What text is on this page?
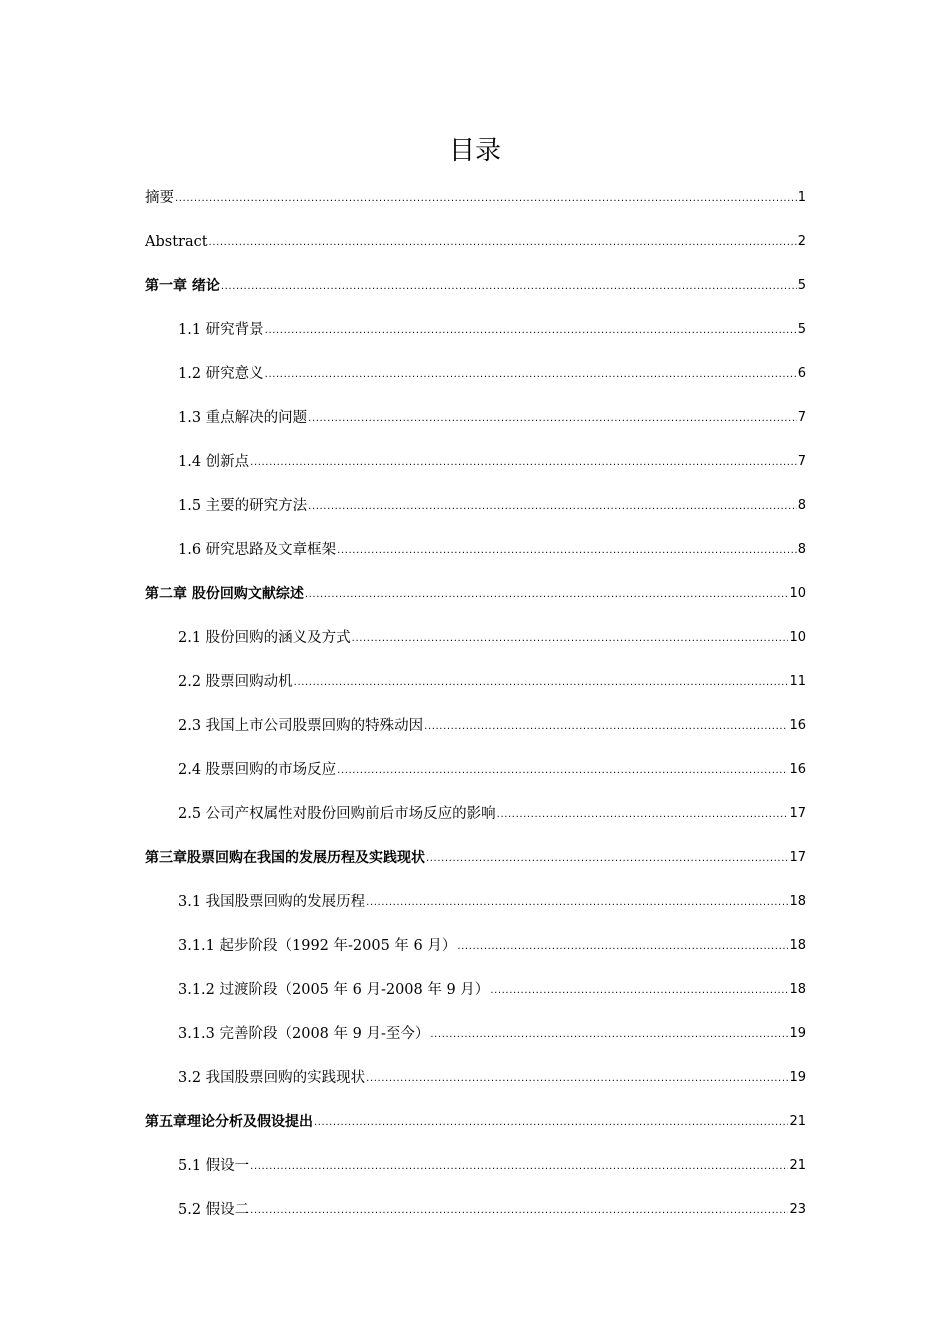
目录
摘要 .....	1
Abstract .....	2
第一章 绪论 .....	5
1.1 研究背景 .....	5
1.2 研究意义 .....	6
1.3 重点解决的问题 .....	7
1.4 创新点 .....	7
1.5 主要的研究方法 .....	8
1.6 研究思路及文章框架 .....	8
第二章 股份回购文献综述 .....	10
2.1 股份回购的涵义及方式 .....	10
2.2 股票回购动机 .....	11
2.3 我国上市公司股票回购的特殊动因 .....	16
2.4 股票回购的市场反应 .....	16
2.5 公司产权属性对股份回购前后市场反应的影响 .....	17
第三章股票回购在我国的发展历程及实践现状 .....	17
3.1 我国股票回购的发展历程 .....	18
3.1.1 起步阶段（1992 年-2005 年 6 月） .....	18
3.1.2 过渡阶段（2005 年 6 月-2008 年 9 月） .....	18
3.1.3 完善阶段（2008 年 9 月-至今） .....	19
3.2 我国股票回购的实践现状 .....	19
第五章理论分析及假设提出 .....	21
5.1 假设一 .....	21
5.2 假设二 .....	23
